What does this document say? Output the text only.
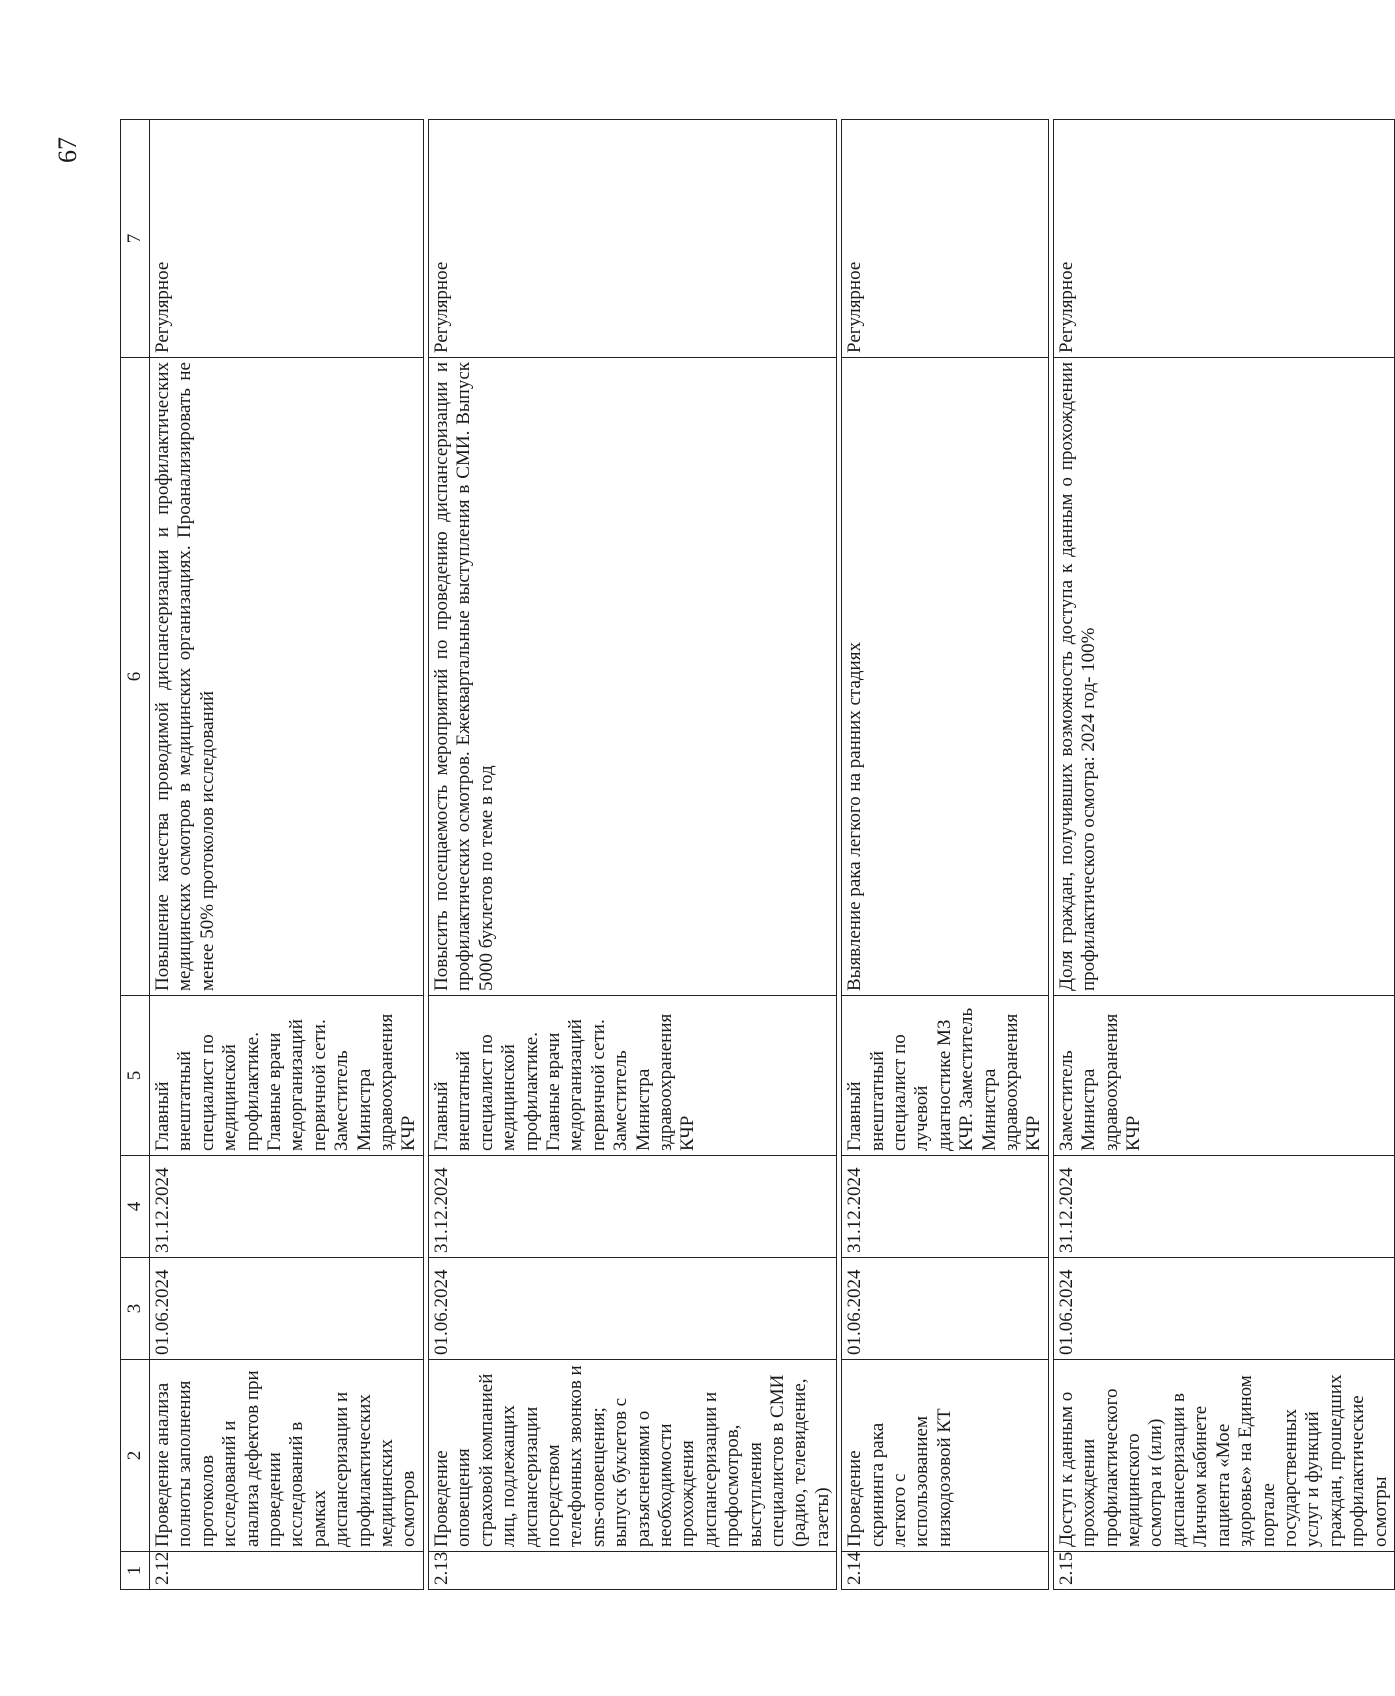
67
1	2	3	4	5	6	7
2.12	Проведение анализа полноты заполнения протоколов исследований и анализа дефектов при проведении исследований в рамках диспансеризации и профилактических медицинских осмотров	01.06.2024	31.12.2024	Главный внештатный специалист по медицинской профилактике. Главные врачи медорганизаций первичной сети. Заместитель Министра здравоохранения КЧР	Повышение качества проводимой диспансеризации и профилактических медицинских осмотров в медицинских организациях. Проанализировать не менее 50% протоколов исследований	Регулярное

2.13	Проведение оповещения страховой компанией лиц, подлежащих диспансеризации посредством телефонных звонков и sms-оповещения; выпуск буклетов с разъяснениями о необходимости прохождения диспансеризации и профосмотров, выступления специалистов в СМИ (радио, телевидение, газеты)	01.06.2024	31.12.2024	Главный внештатный специалист по медицинской профилактике. Главные врачи медорганизаций первичной сети. Заместитель Министра здравоохранения КЧР	Повысить посещаемость мероприятий по проведению диспансеризации и профилактических осмотров. Ежеквартальные выступления в СМИ. Выпуск 5000 буклетов по теме в год	Регулярное

2.14	Проведение скрининга рака легкого с использованием низкодозовой КТ	01.06.2024	31.12.2024	Главный внештатный специалист по лучевой диагностике МЗ КЧР. Заместитель Министра здравоохранения КЧР	Выявление рака легкого на ранних стадиях	Регулярное

2.15	Доступ к данным о прохождении профилактического медицинского осмотра и (или) диспансеризации в Личном кабинете пациента «Мое здоровье» на Едином портале государственных услуг и функций граждан, прошедших профилактические осмотры	01.06.2024	31.12.2024	Заместитель Министра здравоохранения КЧР	Доля граждан, получивших возможность доступа к данным о прохождении профилактического осмотра: 2024 год- 100%	Регулярное
